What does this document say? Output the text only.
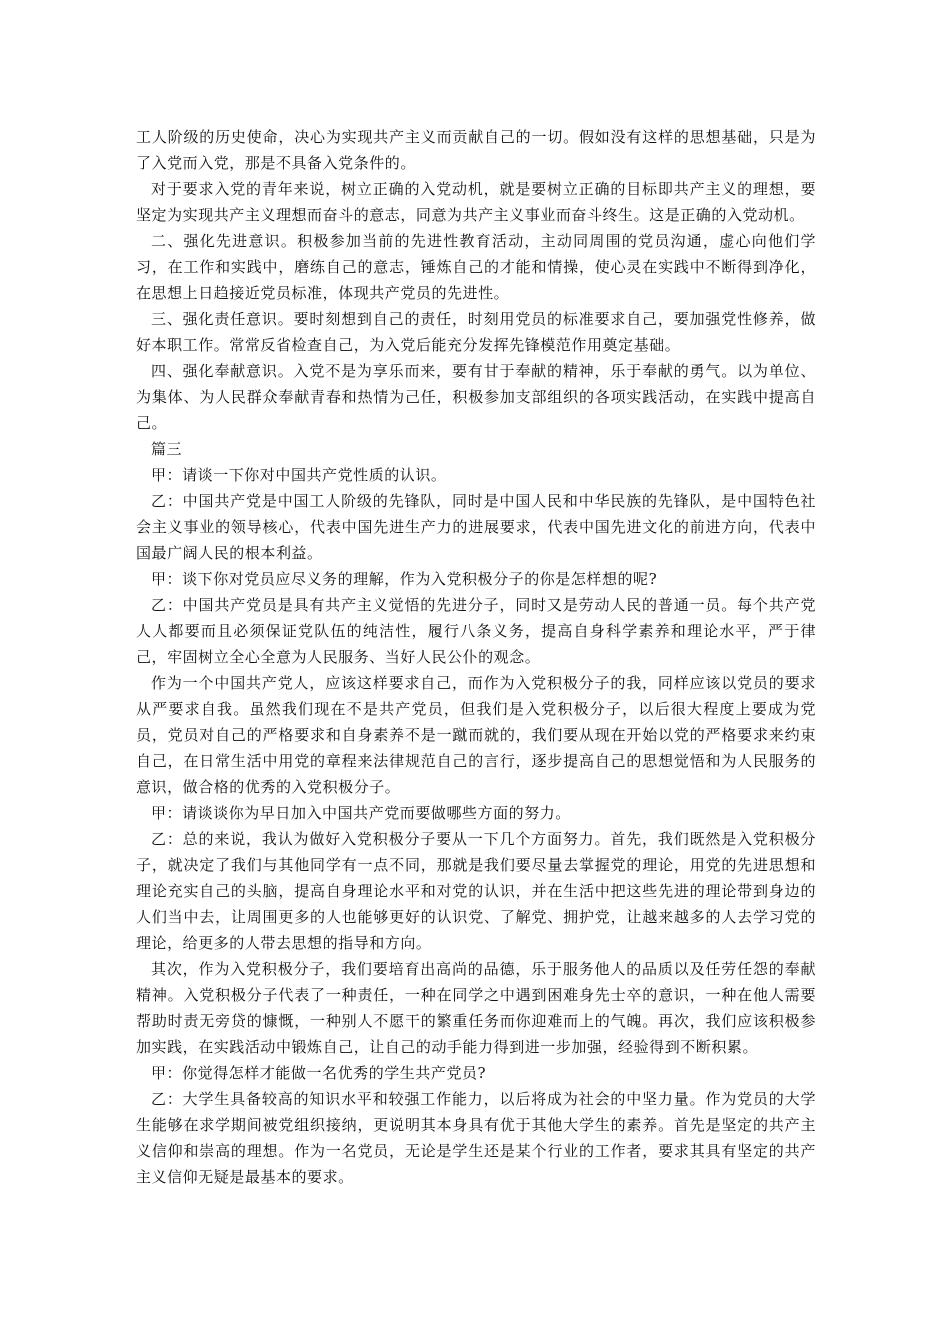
工人阶级的历史使命，决心为实现共产主义而贡献自己的一切。假如没有这样的思想基础，只是为了入党而入党，那是不具备入党条件的。

对于要求入党的青年来说，树立正确的入党动机，就是要树立正确的目标即共产主义的理想，要坚定为实现共产主义理想而奋斗的意志，同意为共产主义事业而奋斗终生。这是正确的入党动机。

二、强化先进意识。积极参加当前的先进性教育活动，主动同周围的党员沟通，虚心向他们学习，在工作和实践中，磨练自己的意志，锤炼自己的才能和情操，使心灵在实践中不断得到净化，在思想上日趋接近党员标准，体现共产党员的先进性。

三、强化责任意识。要时刻想到自己的责任，时刻用党员的标准要求自己，要加强党性修养，做好本职工作。常常反省检查自己，为入党后能充分发挥先锋模范作用奠定基础。

四、强化奉献意识。入党不是为享乐而来，要有甘于奉献的精神，乐于奉献的勇气。以为单位、为集体、为人民群众奉献青春和热情为己任，积极参加支部组织的各项实践活动，在实践中提高自己。

篇三

甲：请谈一下你对中国共产党性质的认识。

乙：中国共产党是中国工人阶级的先锋队，同时是中国人民和中华民族的先锋队，是中国特色社会主义事业的领导核心，代表中国先进生产力的进展要求，代表中国先进文化的前进方向，代表中国最广阔人民的根本利益。

甲：谈下你对党员应尽义务的理解，作为入党积极分子的你是怎样想的呢?

乙：中国共产党员是具有共产主义觉悟的先进分子，同时又是劳动人民的普通一员。每个共产党人人都要而且必须保证党队伍的纯洁性，履行八条义务，提高自身科学素养和理论水平，严于律己，牢固树立全心全意为人民服务、当好人民公仆的观念。

作为一个中国共产党人，应该这样要求自己，而作为入党积极分子的我，同样应该以党员的要求从严要求自我。虽然我们现在不是共产党员，但我们是入党积极分子，以后很大程度上要成为党员，党员对自己的严格要求和自身素养不是一蹴而就的，我们要从现在开始以党的严格要求来约束自己，在日常生活中用党的章程来法律规范自己的言行，逐步提高自己的思想觉悟和为人民服务的意识，做合格的优秀的入党积极分子。

甲：请谈谈你为早日加入中国共产党而要做哪些方面的努力。

乙：总的来说，我认为做好入党积极分子要从一下几个方面努力。首先，我们既然是入党积极分子，就决定了我们与其他同学有一点不同，那就是我们要尽量去掌握党的理论，用党的先进思想和理论充实自己的头脑，提高自身理论水平和对党的认识，并在生活中把这些先进的理论带到身边的人们当中去，让周围更多的人也能够更好的认识党、了解党、拥护党，让越来越多的人去学习党的理论，给更多的人带去思想的指导和方向。

其次，作为入党积极分子，我们要培育出高尚的品德，乐于服务他人的品质以及任劳任怨的奉献精神。入党积极分子代表了一种责任，一种在同学之中遇到困难身先士卒的意识，一种在他人需要帮助时责无旁贷的慷慨，一种别人不愿干的繁重任务而你迎难而上的气魄。再次，我们应该积极参加实践，在实践活动中锻炼自己，让自己的动手能力得到进一步加强，经验得到不断积累。

甲：你觉得怎样才能做一名优秀的学生共产党员?

乙：大学生具备较高的知识水平和较强工作能力，以后将成为社会的中坚力量。作为党员的大学生能够在求学期间被党组织接纳，更说明其本身具有优于其他大学生的素养。首先是坚定的共产主义信仰和崇高的理想。作为一名党员，无论是学生还是某个行业的工作者，要求其具有坚定的共产主义信仰无疑是最基本的要求。
